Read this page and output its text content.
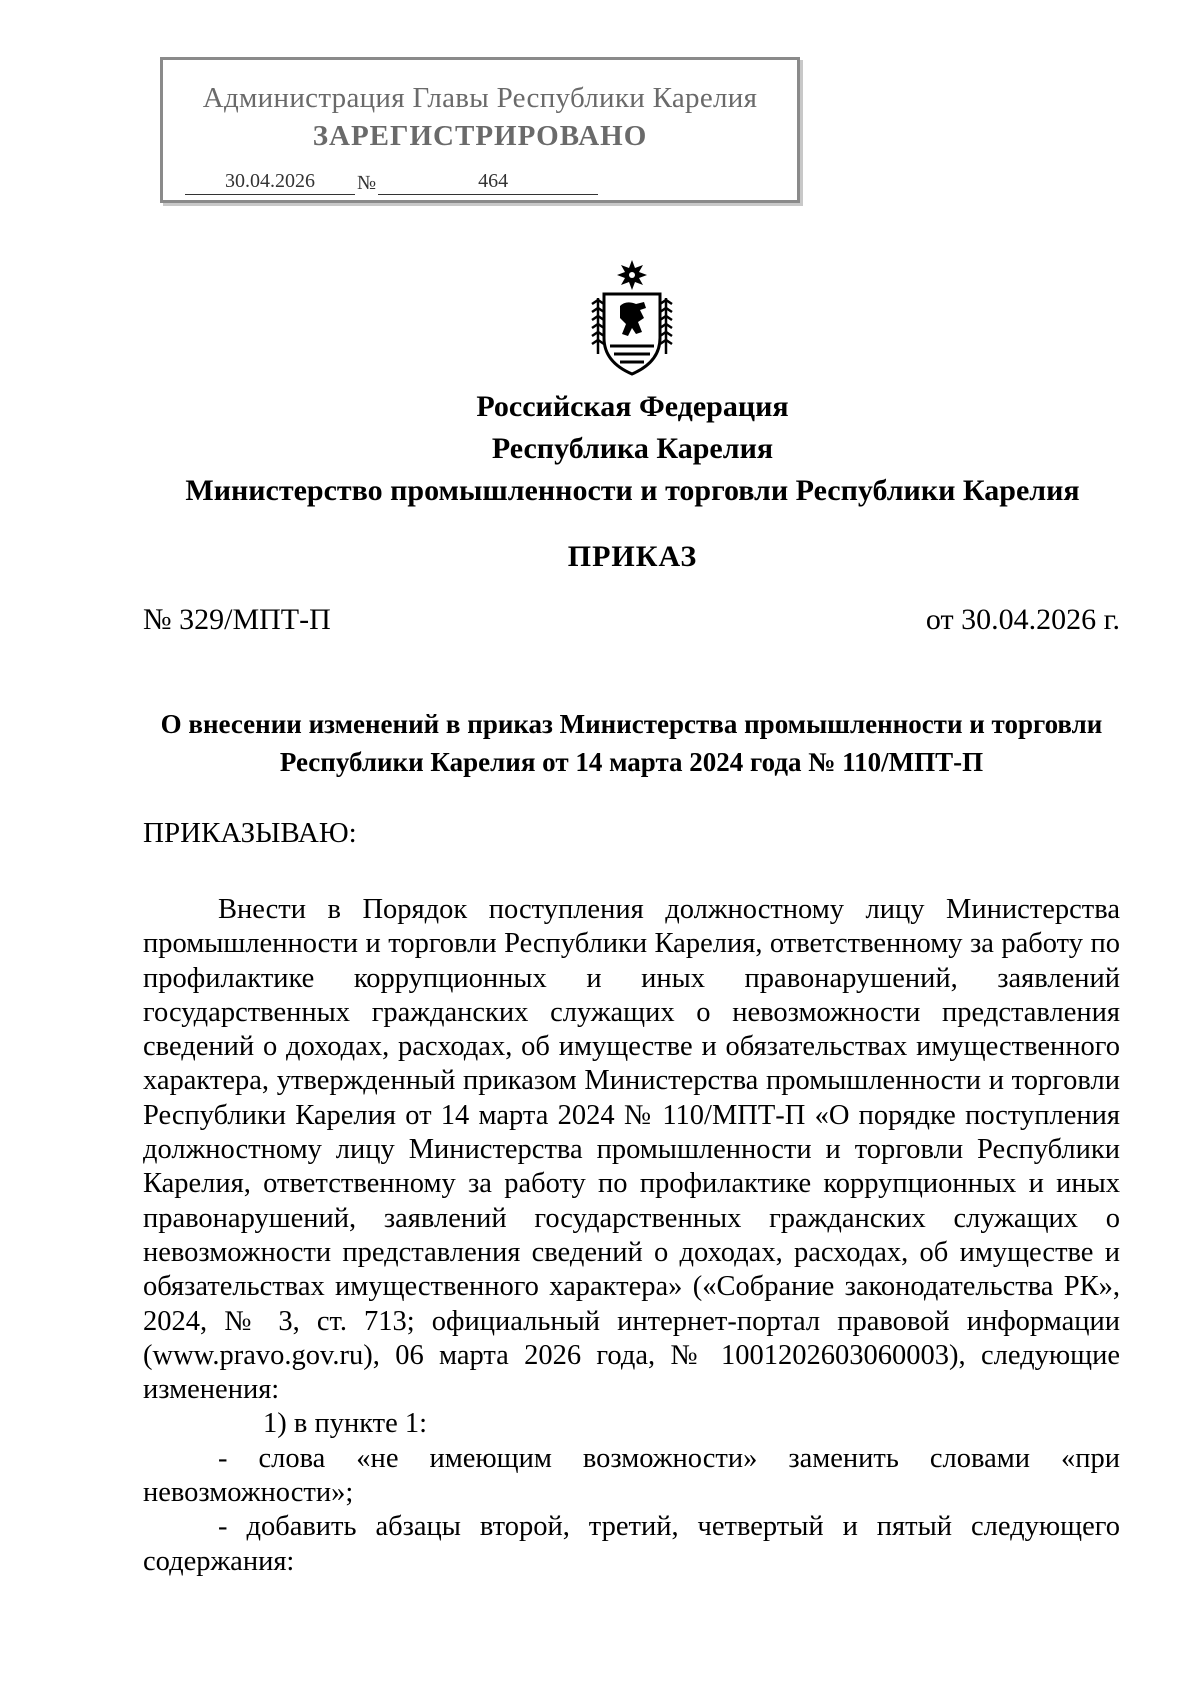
Администрация Главы Республики Карелия
ЗАРЕГИСТРИРОВАНО
30.04.2026	№	464
Российская Федерация
Республика Карелия
Министерство промышленности и торговли Республики Карелия
ПРИКАЗ
№ 329/МПТ-П	от 30.04.2026 г.
О внесении изменений в приказ Министерства промышленности и торговли Республики Карелия от 14 марта 2024 года № 110/МПТ-П
ПРИКАЗЫВАЮ:

Внести в Порядок поступления должностному лицу Министерства промышленности и торговли Республики Карелия, ответственному за работу по профилактике коррупционных и иных правонарушений, заявлений государственных гражданских служащих о невозможности представления сведений о доходах, расходах, об имуществе и обязательствах имущественного характера, утвержденный приказом Министерства промышленности и торговли Республики Карелия от 14 марта 2024 № 110/МПТ-П «О порядке поступления должностному лицу Министерства промышленности и торговли Республики Карелия, ответственному за работу по профилактике коррупционных и иных правонарушений, заявлений государственных гражданских служащих о невозможности представления сведений о доходах, расходах, об имуществе и обязательствах имущественного характера» («Собрание законодательства РК», 2024, № 3, ст. 713; официальный интернет-портал правовой информации (www.pravo.gov.ru), 06 марта 2026 года, № 1001202603060003), следующие изменения:

1) в пункте 1:

- слова «не имеющим возможности» заменить словами «при невозможности»;

- добавить абзацы второй, третий, четвертый и пятый следующего содержания:
